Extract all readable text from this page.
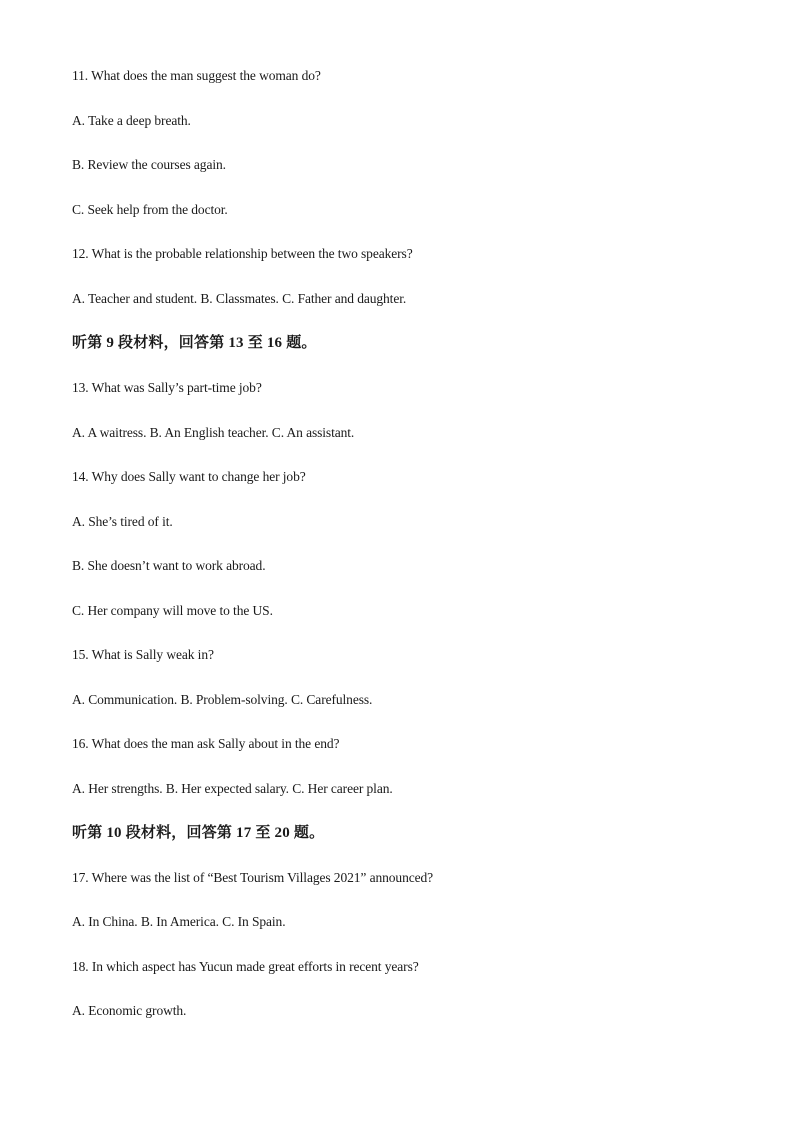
11. What does the man suggest the woman do?
A. Take a deep breath.
B. Review the courses again.
C. Seek help from the doctor.
12. What is the probable relationship between the two speakers?
A. Teacher and student. B. Classmates. C. Father and daughter.
听第 9 段材料，回答第 13 至 16 题。
13. What was Sally’s part-time job?
A. A waitress. B. An English teacher. C. An assistant.
14. Why does Sally want to change her job?
A. She’s tired of it.
B. She doesn’t want to work abroad.
C. Her company will move to the US.
15. What is Sally weak in?
A. Communication. B. Problem-solving. C. Carefulness.
16. What does the man ask Sally about in the end?
A. Her strengths. B. Her expected salary. C. Her career plan.
听第 10 段材料，回答第 17 至 20 题。
17. Where was the list of “Best Tourism Villages 2021” announced?
A. In China. B. In America. C. In Spain.
18. In which aspect has Yucun made great efforts in recent years?
A. Economic growth.
